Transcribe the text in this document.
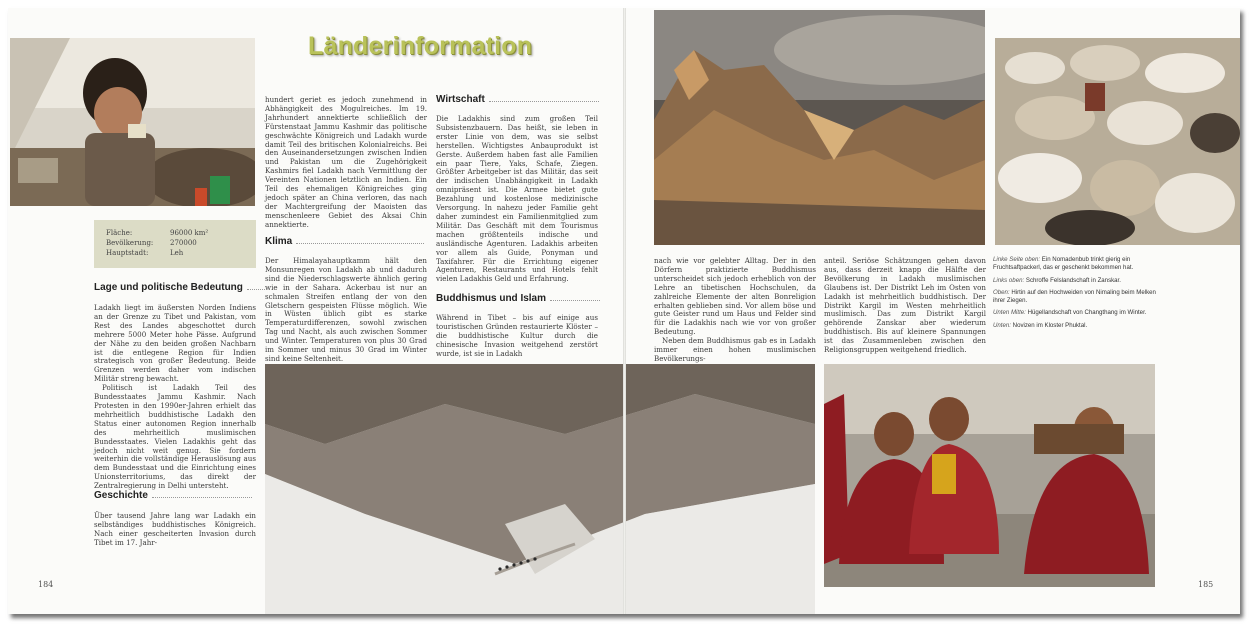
Länderinformation
Fläche:	96000 km²
Bevölkerung: 270000
Hauptstadt:	Leh
Lage und politische Bedeutung

Ladakh liegt im äußersten Norden Indiens an der Grenze zu Tibet und Pakistan, vom Rest des Landes abgeschottet durch mehrere 5000 Meter hohe Pässe. Aufgrund der Nähe zu den beiden großen Nachbarn ist die entlegene Region für Indien strategisch von großer Bedeutung. Beide Grenzen werden daher vom indischen Militär streng bewacht.

Politisch ist Ladakh Teil des Bundesstaates Jammu Kashmir. Nach Protesten in den 1990er-Jahren erhielt das mehrheitlich buddhistische Ladakh den Status einer autonomen Region innerhalb des mehrheitlich muslimischen Bundesstaates. Vielen Ladakhis geht das jedoch nicht weit genug. Sie fordern weiterhin die vollständige Herauslösung aus dem Bundesstaat und die Einrichtung eines Unionsterritoriums, das direkt der Zentralregierung in Delhi untersteht.

Geschichte

Über tausend Jahre lang war Ladakh ein selbständiges buddhistisches Königreich. Nach einer gescheiterten Invasion durch Tibet im 17. Jahr-

hundert geriet es jedoch zunehmend in Abhängigkeit des Mogulreiches. Im 19. Jahrhundert annektierte schließlich der Fürstenstaat Jammu Kashmir das politische geschwächte Königreich und Ladakh wurde damit Teil des britischen Kolonialreichs. Bei den Auseinandersetzungen zwischen Indien und Pakistan um die Zugehörigkeit Kashmirs fiel Ladakh nach Vermittlung der Vereinten Nationen letztlich an Indien. Ein Teil des ehemaligen Königreiches ging jedoch später an China verloren, das nach der Machtergreifung der Maoisten das menschenleere Gebiet des Aksai Chin annektierte.

Klima

Der Himalayahauptkamm hält den Monsunregen von Ladakh ab und dadurch sind die Niederschlagswerte ähnlich gering wie in der Sahara. Ackerbau ist nur an schmalen Streifen entlang der von den Gletschern gespeisten Flüsse möglich. Wie in Wüsten üblich gibt es starke Temperaturdifferenzen, sowohl zwischen Tag und Nacht, als auch zwischen Sommer und Winter. Temperaturen von plus 30 Grad im Sommer und minus 30 Grad im Winter sind keine Seltenheit.

Wirtschaft

Die Ladakhis sind zum großen Teil Subsistenzbauern. Das heißt, sie leben in erster Linie von dem, was sie selbst herstellen. Wichtigstes Anbauprodukt ist Gerste. Außerdem haben fast alle Familien ein paar Tiere, Yaks, Schafe, Ziegen. Größter Arbeitgeber ist das Militär, das seit der indischen Unabhängigkeit in Ladakh omnipräsent ist. Die Armee bietet gute Bezahlung und kostenlose medizinische Versorgung. In nahezu jeder Familie geht daher zumindest ein Familienmitglied zum Militär. Das Geschäft mit dem Tourismus machen größtenteils indische und ausländische Agenturen. Ladakhis arbeiten vor allem als Guide, Ponyman und Taxifahrer. Für die Errichtung eigener Agenturen, Restaurants und Hotels fehlt vielen Ladakhis Geld und Erfahrung.

Buddhismus und Islam

Während in Tibet – bis auf einige aus touristischen Gründen restaurierte Klöster – die buddhistische Kultur durch die chinesische Invasion weitgehend zerstört wurde, ist sie in Ladakh

nach wie vor gelebter Alltag. Der in den Dörfern praktizierte Buddhismus unterscheidet sich jedoch erheblich von der Lehre an tibetischen Hochschulen, da zahlreiche Elemente der alten Bonreligion erhalten geblieben sind. Vor allem böse und gute Geister rund um Haus und Felder sind für die Ladakhis nach wie vor von großer Bedeutung.

Neben dem Buddhismus gab es in Ladakh immer einen hohen muslimischen Bevölkerungs-

anteil. Seriöse Schätzungen gehen davon aus, dass derzeit knapp die Hälfte der Bevölkerung in Ladakh muslimischen Glaubens ist. Der Distrikt Leh im Osten von Ladakh ist mehrheitlich buddhistisch. Der Distrikt Kargil im Westen mehrheitlich muslimisch. Das zum Distrikt Kargil gehörende Zanskar aber wiederum buddhistisch. Bis auf kleinere Spannungen ist das Zusammenleben zwischen den Religionsgruppen weitgehend friedlich.

Linke Seite oben: Ein Nomadenbub trinkt gierig ein Fruchtsaftpackerl, das er geschenkt bekommen hat.
Links oben: Schroffe Felslandschaft in Zanskar.
Oben: Hirtin auf den Hochweiden von Nimaling beim Melken ihrer Ziegen.
Unten Mitte: Hügellandschaft von Changthang im Winter.
Unten: Novizen im Kloster Phuktal.
184	185
